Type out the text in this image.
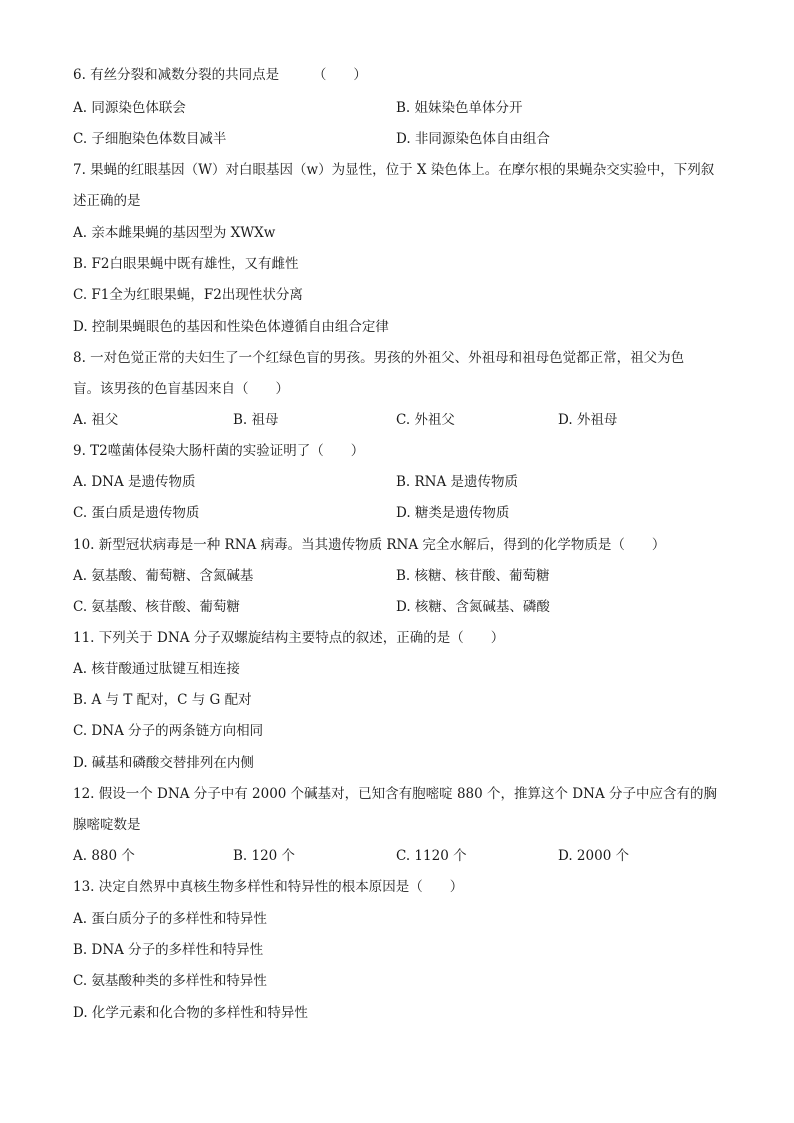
6. 有丝分裂和减数分裂的共同点是　　　（　　）
A. 同源染色体联会	B. 姐妹染色单体分开
C. 子细胞染色体数目减半	D. 非同源染色体自由组合
7. 果蝇的红眼基因（W）对白眼基因（w）为显性，位于 X 染色体上。在摩尔根的果蝇杂交实验中，下列叙
述正确的是
A. 亲本雌果蝇的基因型为 XWXw
B. F2白眼果蝇中既有雄性，又有雌性
C. F1全为红眼果蝇，F2出现性状分离
D. 控制果蝇眼色的基因和性染色体遵循自由组合定律
8. 一对色觉正常的夫妇生了一个红绿色盲的男孩。男孩的外祖父、外祖母和祖母色觉都正常，祖父为色
盲。该男孩的色盲基因来自（　　）
A. 祖父	B. 祖母	C. 外祖父	D. 外祖母
9. T2噬菌体侵染大肠杆菌的实验证明了（　　）
A. DNA 是遗传物质	B. RNA 是遗传物质
C. 蛋白质是遗传物质	D. 糖类是遗传物质
10. 新型冠状病毒是一种 RNA 病毒。当其遗传物质 RNA 完全水解后，得到的化学物质是（　　）
A. 氨基酸、葡萄糖、含氮碱基	B. 核糖、核苷酸、葡萄糖
C. 氨基酸、核苷酸、葡萄糖	D. 核糖、含氮碱基、磷酸
11. 下列关于 DNA 分子双螺旋结构主要特点的叙述，正确的是（　　）
A. 核苷酸通过肽键互相连接
B. A 与 T 配对，C 与 G 配对
C. DNA 分子的两条链方向相同
D. 碱基和磷酸交替排列在内侧
12. 假设一个 DNA 分子中有 2000 个碱基对，已知含有胞嘧啶 880 个，推算这个 DNA 分子中应含有的胸
腺嘧啶数是
A. 880 个	B. 120 个	C. 1120 个	D. 2000 个
13. 决定自然界中真核生物多样性和特异性的根本原因是（　　）
A. 蛋白质分子的多样性和特异性
B. DNA 分子的多样性和特异性
C. 氨基酸种类的多样性和特异性
D. 化学元素和化合物的多样性和特异性
